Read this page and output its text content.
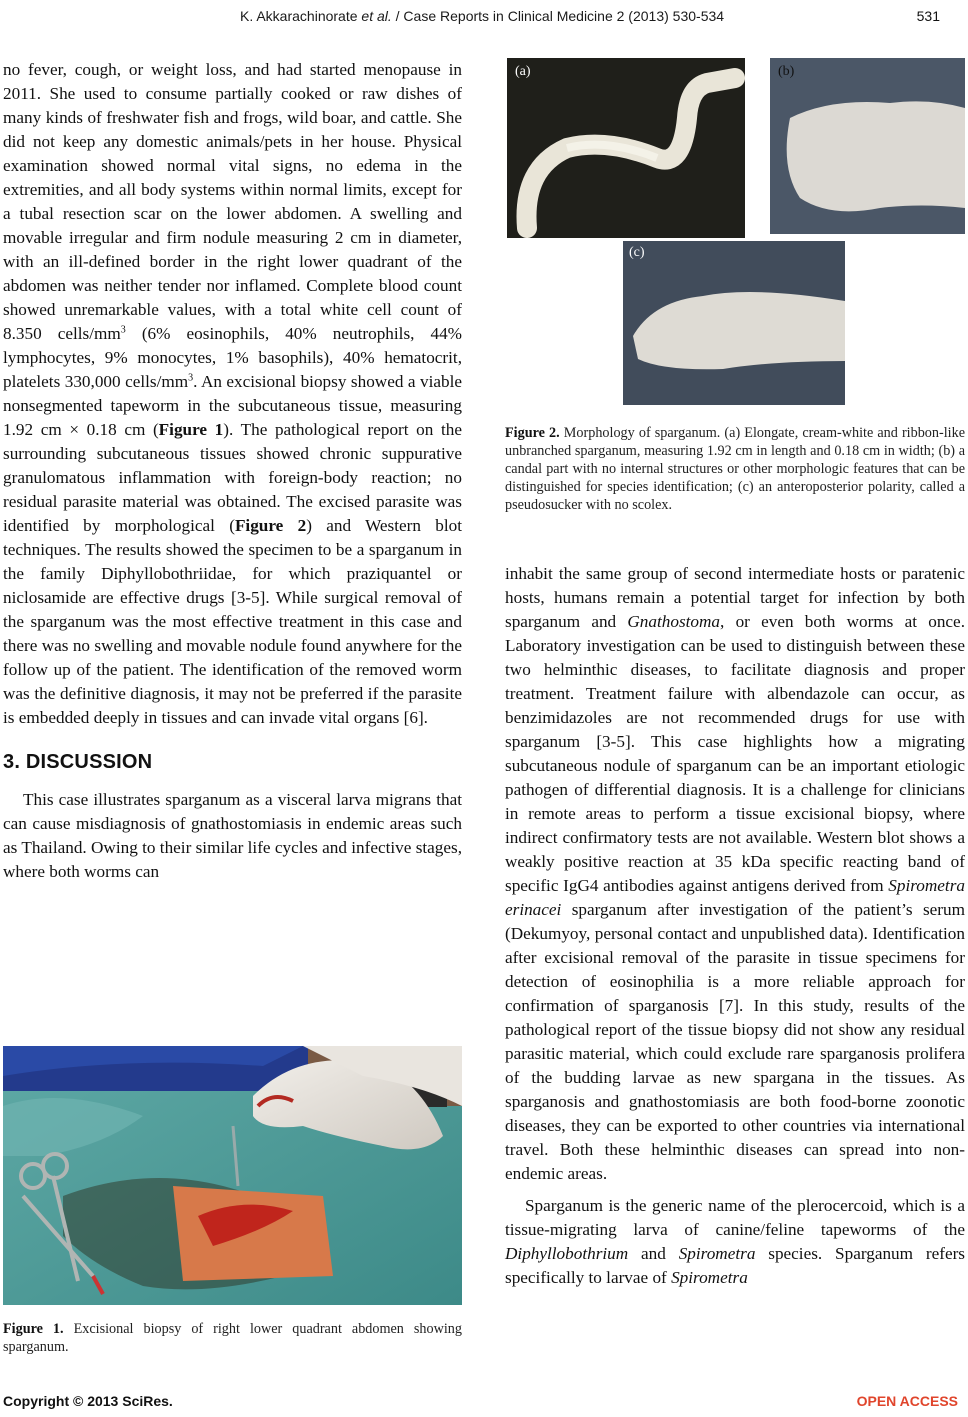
K. Akkarachinorate et al. / Case Reports in Clinical Medicine 2 (2013) 530-534	531

no fever, cough, or weight loss, and had started menopause in 2011. She used to consume partially cooked or raw dishes of many kinds of freshwater fish and frogs, wild boar, and cattle. She did not keep any domestic animals/pets in her house. Physical examination showed normal vital signs, no edema in the extremities, and all body systems within normal limits, except for a tubal resection scar on the lower abdomen. A swelling and movable irregular and firm nodule measuring 2 cm in diameter, with an ill-defined border in the right lower quadrant of the abdomen was neither tender nor inflamed. Complete blood count showed unremarkable values, with a total white cell count of 8.350 cells/$mm^3$ (6% eosinophils, 40% neutrophils, 44% lymphocytes, 9% monocytes, 1% basophils), 40% hematocrit, platelets 330,000 cells/$mm^3$. An excisional biopsy showed a viable nonsegmented tapeworm in the subcutaneous tissue, measuring 1.92 cm × 0.18 cm (Figure 1). The pathological report on the surrounding subcutaneous tissues showed chronic suppurative granulomatous inflammation with foreign-body reaction; no residual parasite material was obtained. The excised parasite was identified by morphological (Figure 2) and Western blot techniques. The results showed the specimen to be a sparganum in the family Diphyllobothriidae, for which praziquantel or niclosamide are effective drugs [3-5]. While surgical removal of the sparganum was the most effective treatment in this case and there was no swelling and movable nodule found anywhere for the follow up of the patient. The identification of the removed worm was the definitive diagnosis, it may not be preferred if the parasite is embedded deeply in tissues and can invade vital organs [6].

3. DISCUSSION

This case illustrates sparganum as a visceral larva migrans that can cause misdiagnosis of gnathostomiasis in endemic areas such as Thailand. Owing to their similar life cycles and infective stages, where both worms can

Figure 1. Excisional biopsy of right lower quadrant abdomen showing sparganum.
(a)	(b)
(c)
Figure 2. Morphology of sparganum. (a) Elongate, cream-white and ribbon-like unbranched sparganum, measuring 1.92 cm in length and 0.18 cm in width; (b) a candal part with no internal structures or other morphologic features that can be distinguished for species identification; (c) an anteroposterior polarity, called a pseudosucker with no scolex.

inhabit the same group of second intermediate hosts or paratenic hosts, humans remain a potential target for infection by both sparganum and Gnathostoma, or even both worms at once. Laboratory investigation can be used to distinguish between these two helminthic diseases, to facilitate diagnosis and proper treatment. Treatment failure with albendazole can occur, as benzimidazoles are not recommended drugs for use with sparganum [3-5]. This case highlights how a migrating subcutaneous nodule of sparganum can be an important etiologic pathogen of differential diagnosis. It is a challenge for clinicians in remote areas to perform a tissue excisional biopsy, where indirect confirmatory tests are not available. Western blot shows a weakly positive reaction at 35 kDa specific reacting band of specific IgG4 antibodies against antigens derived from Spirometra erinacei sparganum after investigation of the patient’s serum (Dekumyoy, personal contact and unpublished data). Identification after excisional removal of the parasite in tissue specimens for detection of eosinophilia is a more reliable approach for confirmation of sparganosis [7]. In this study, results of the pathological report of the tissue biopsy did not show any residual parasitic material, which could exclude rare sparganosis prolifera of the budding larvae as new spargana in the tissues. As sparganosis and gnathostomiasis are both food-borne zoonotic diseases, they can be exported to other countries via international travel. Both these helminthic diseases can spread into non-endemic areas.

Sparganum is the generic name of the plerocercoid, which is a tissue-migrating larva of canine/feline tapeworms of the Diphyllobothrium and Spirometra species. Sparganum refers specifically to larvae of Spirometra

Copyright © 2013 SciRes.	OPEN ACCESS
